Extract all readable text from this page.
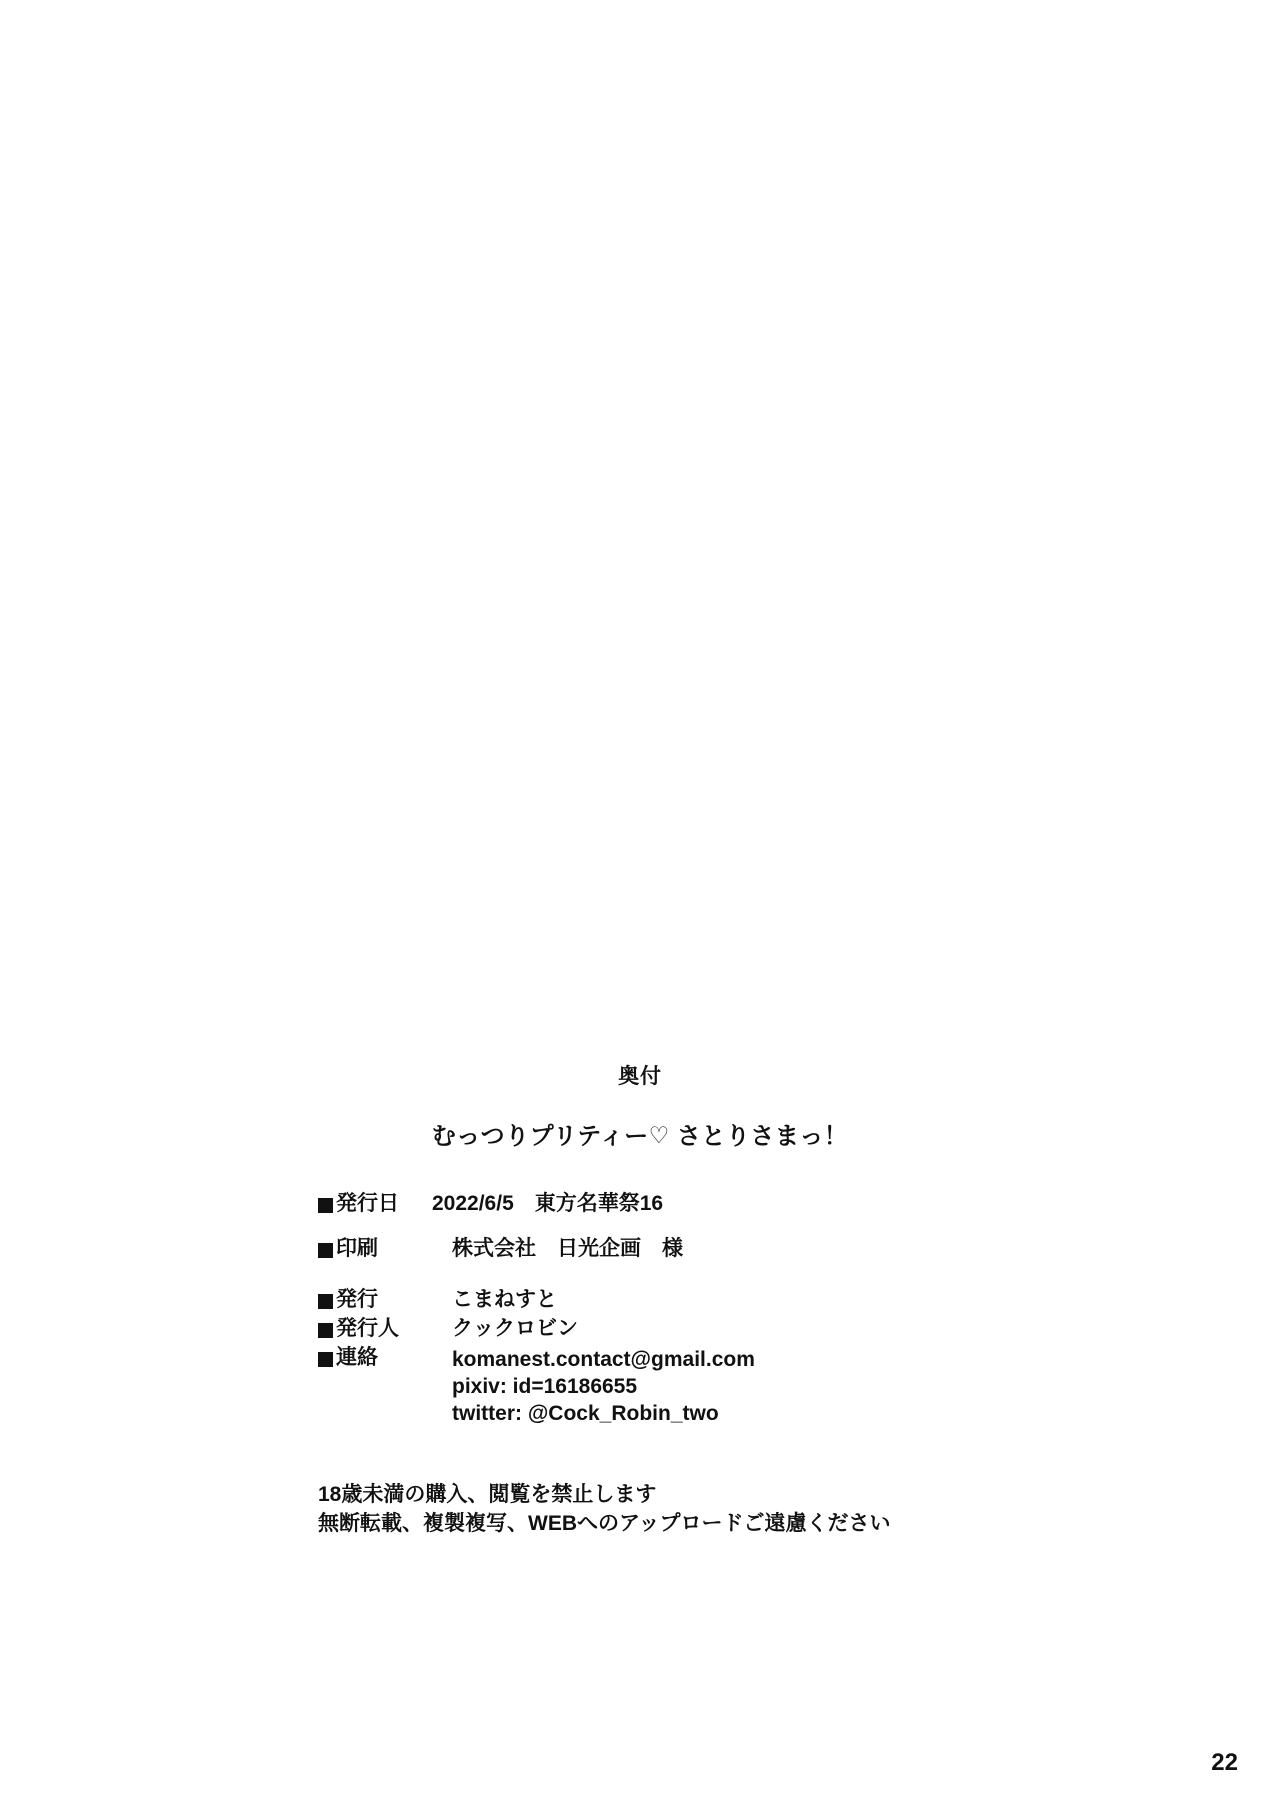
奥付
むっつりプリティー♡ さとりさまっ！
発行日	2022/6/5　東方名華祭16
印刷	株式会社　日光企画　様
発行	こまねすと
発行人	クックロビン
連絡	komanest.contact@gmail.com
pixiv: id=16186655
twitter: @Cock_Robin_two
18歳未満の購入、閲覧を禁止します
無断転載、複製複写、WEBへのアップロードご遠慮ください
22
